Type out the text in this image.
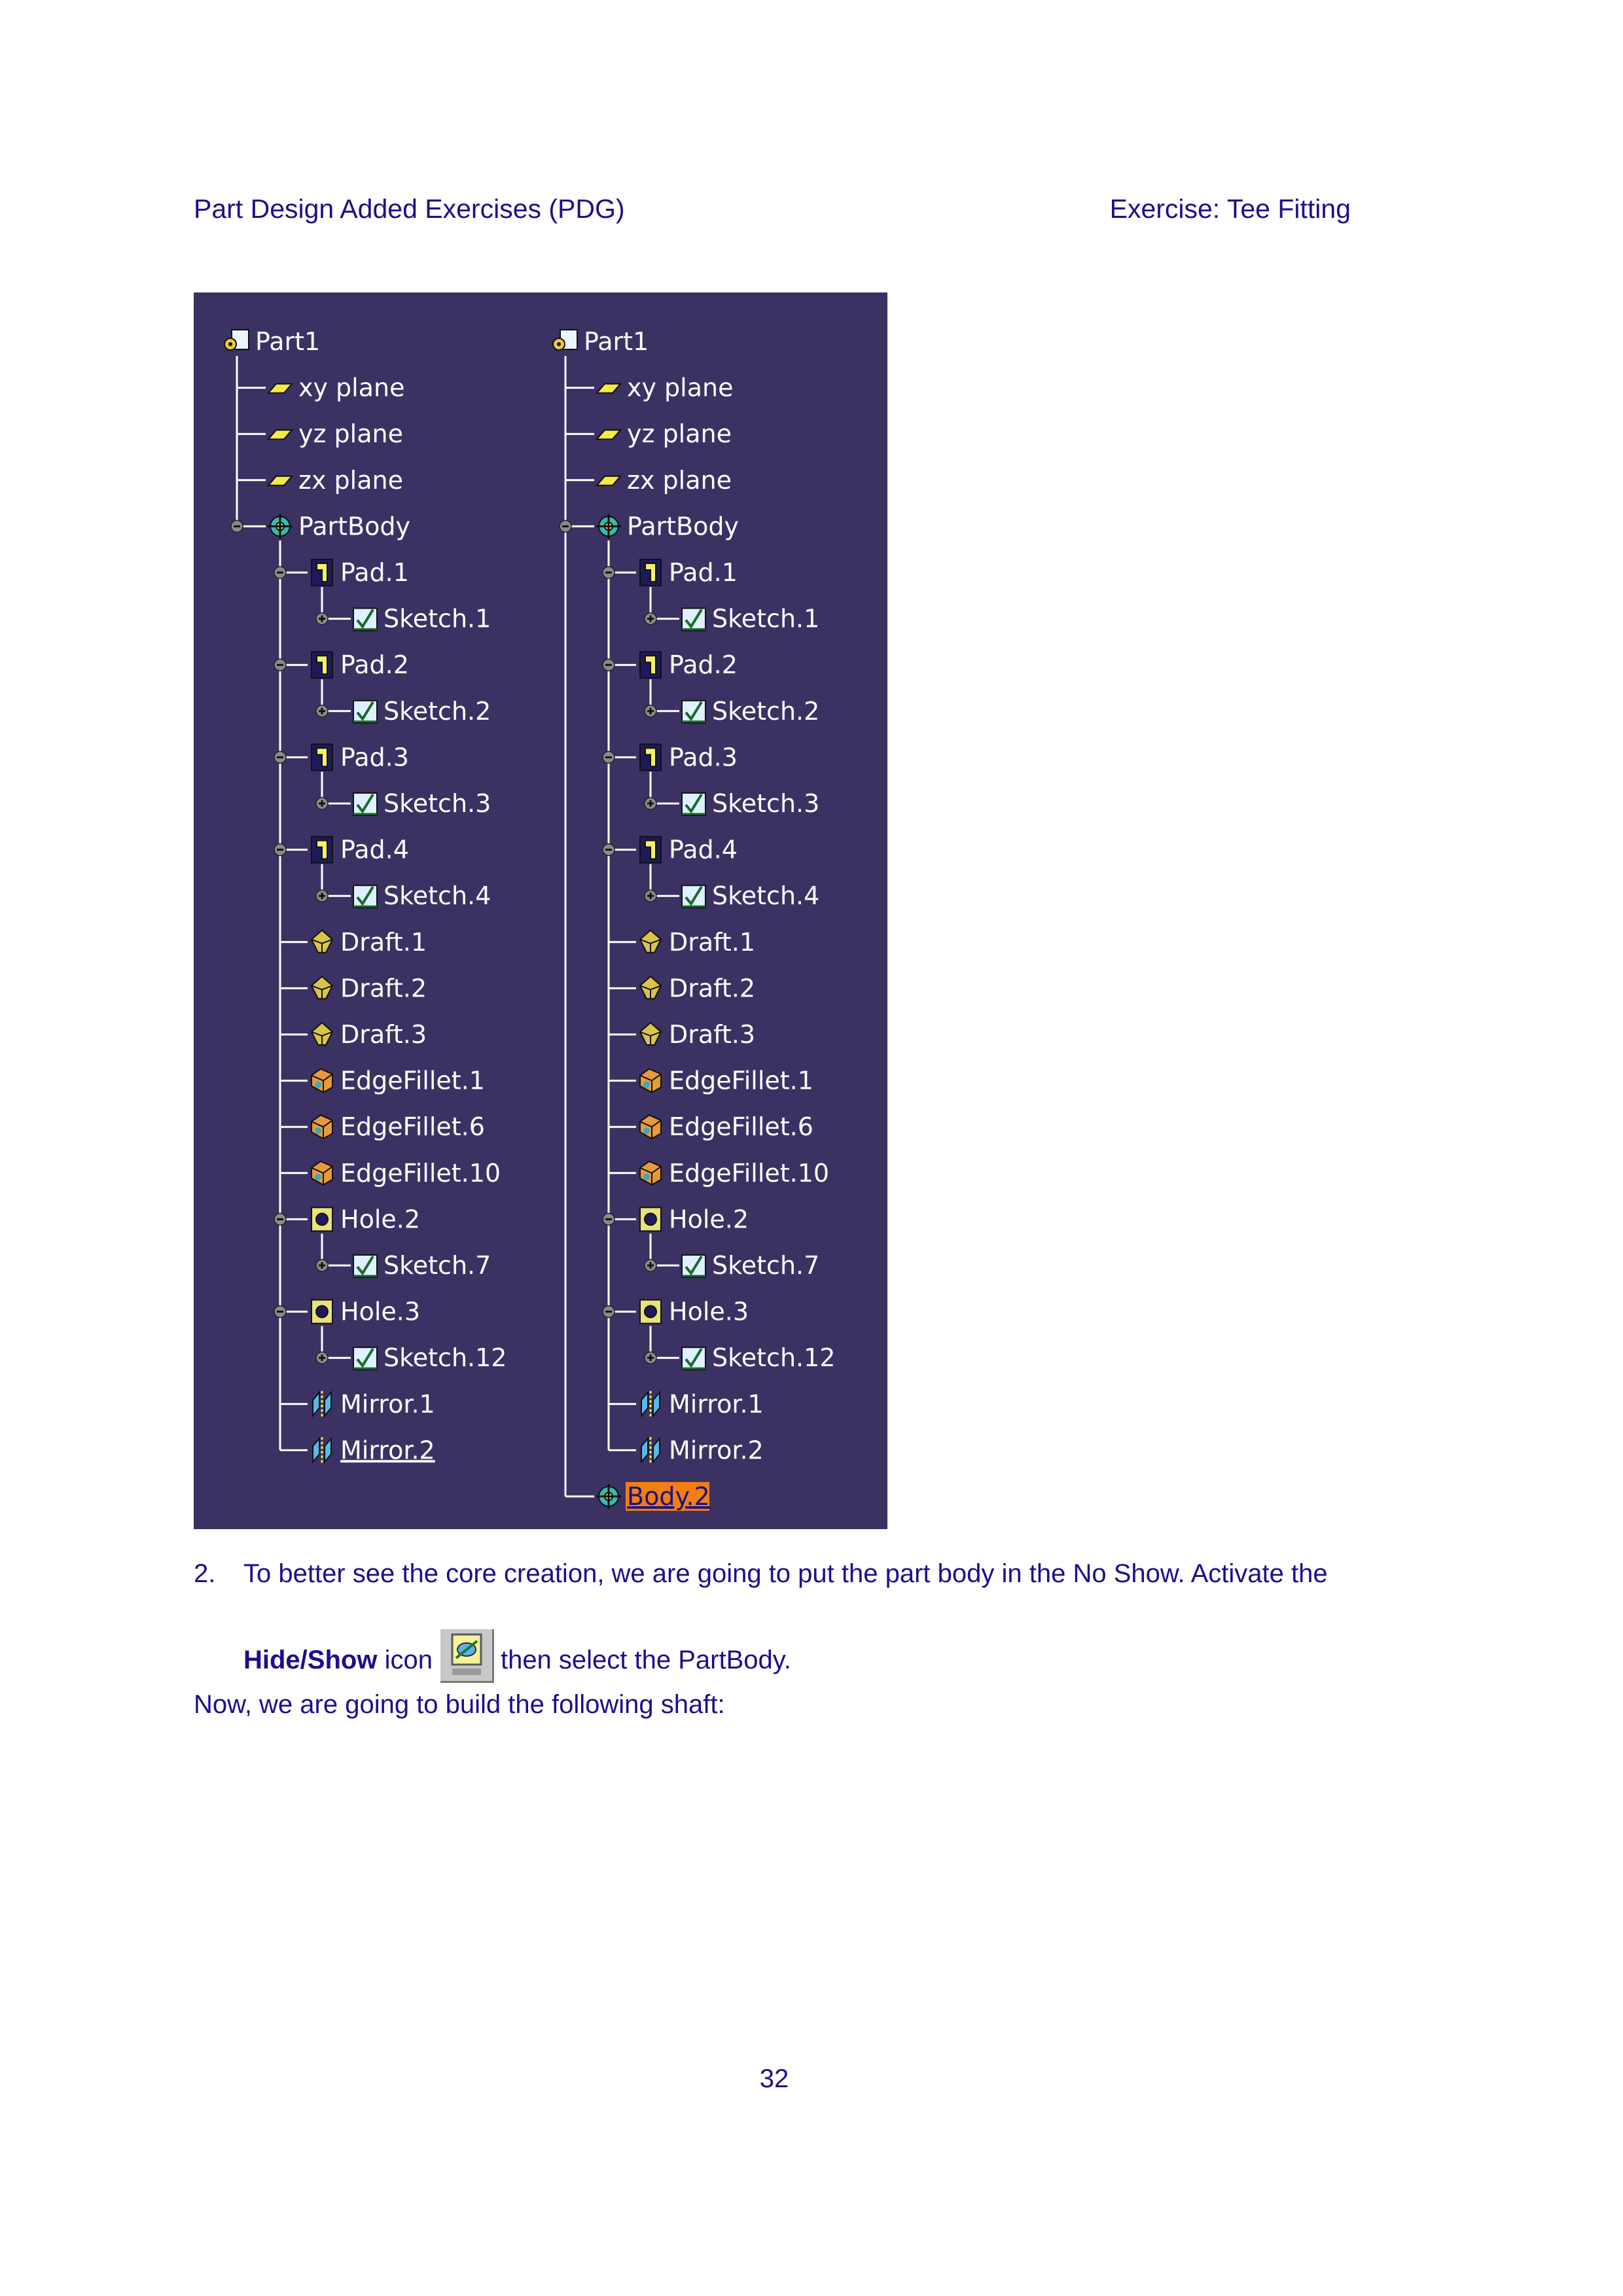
Part Design Added Exercises (PDG)	Exercise: Tee Fitting
Part1
xy plane
yz plane
zx plane
PartBody
Pad.1
Sketch.1
Pad.2
Sketch.2
Pad.3
Sketch.3
Pad.4
Sketch.4
Draft.1
Draft.2
Draft.3
EdgeFillet.1
EdgeFillet.6
EdgeFillet.10
Hole.2
Sketch.7
Hole.3
Sketch.12
Mirror.1
Mirror.2
Part1
xy plane
yz plane
zx plane
PartBody
Pad.1
Sketch.1
Pad.2
Sketch.2
Pad.3
Sketch.3
Pad.4
Sketch.4
Draft.1
Draft.2
Draft.3
EdgeFillet.1
EdgeFillet.6
EdgeFillet.10
Hole.2
Sketch.7
Hole.3
Sketch.12
Mirror.1
Mirror.2
Body.2
2. To better see the core creation, we are going to put the part body in the No Show. Activate the
Hide/Show icon	then select the PartBody.
Now, we are going to build the following shaft:
32
